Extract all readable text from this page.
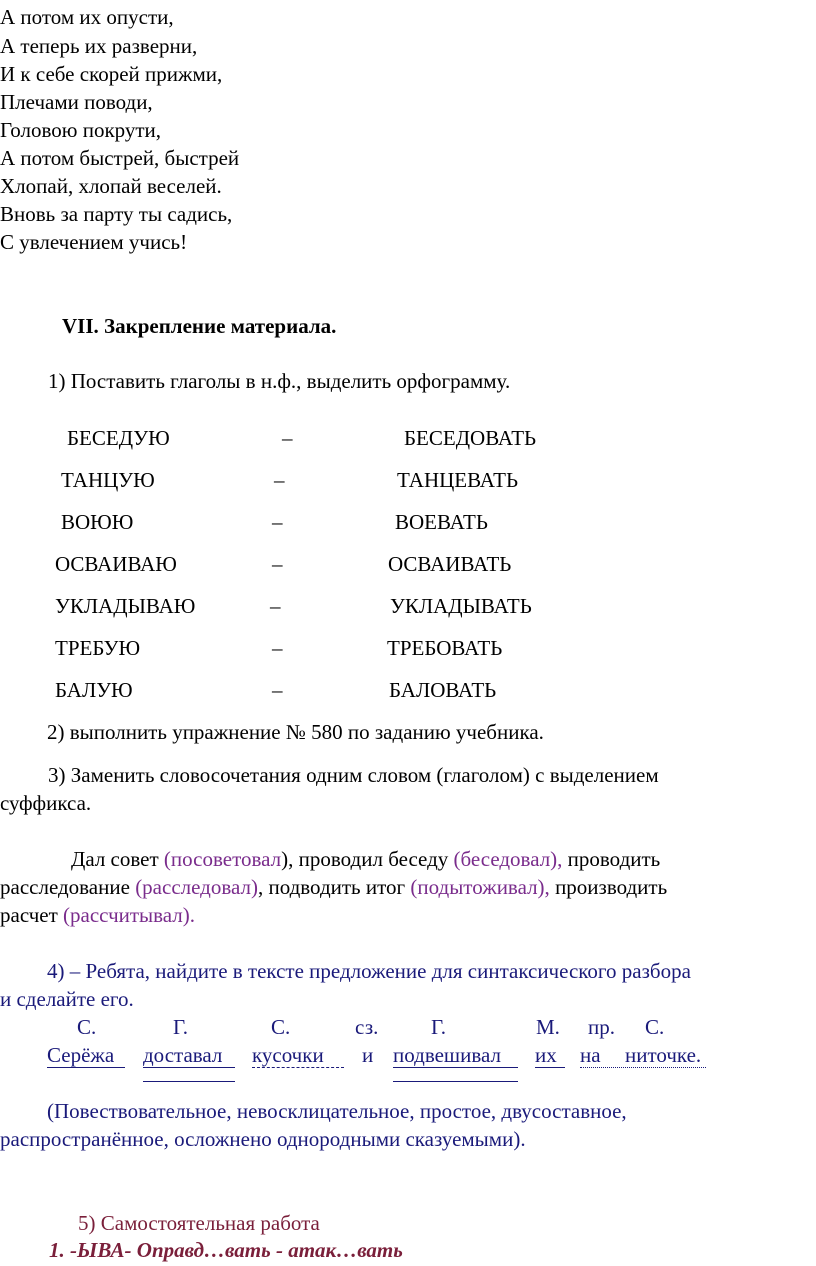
А потом их опусти,
А теперь их разверни,
И к себе скорей прижми,
Плечами поводи,
Головою покрути,
А потом быстрей, быстрей
Хлопай, хлопай веселей.
Вновь за парту ты садись,
С увлечением учись!
VII. Закрепление материала.
1) Поставить глаголы в н.ф., выделить орфограмму.
БЕСЕДУЮ	–	БЕСЕДОВАТЬ
ТАНЦУЮ	–	ТАНЦЕВАТЬ
ВОЮЮ	–	ВОЕВАТЬ
ОСВАИВАЮ	–	ОСВАИВАТЬ
УКЛАДЫВАЮ	–	УКЛАДЫВАТЬ
ТРЕБУЮ	–	ТРЕБОВАТЬ
БАЛУЮ	–	БАЛОВАТЬ
2) выполнить упражнение № 580 по заданию учебника.
3) Заменить словосочетания одним словом (глаголом) с выделением
суффикса.
Дал совет (посоветовал), проводил беседу (беседовал), проводить
расследование (расследовал), подводить итог (подытоживал), производить
расчет (рассчитывал).
4) – Ребята, найдите в тексте предложение для синтаксического разбора
и сделайте его.
С.	Г.	С.	сз.	Г.	М. пр. С.
Серёжа доставал кусочки и подвешивал их на ниточке.
(Повествовательное, невосклицательное, простое, двусоставное,
распространённое, осложнено однородными сказуемыми).
5) Самостоятельная работа
1. -ЫВА- Оправд…вать - атак…вать
